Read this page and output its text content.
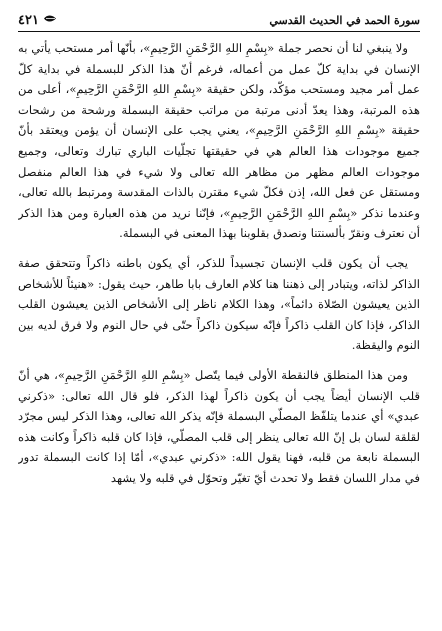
سورة الحمد في الحديث القدسي
٤٢١

ولا ينبغي لنا أن نحصر جملة «بِسْمِ اللهِ الرَّحْمَنِ الرَّحِيمِ»، بأنّها أمر مستحب يأتي به الإنسان في بداية كلّ عمل من أعماله، فرغم أنّ هذا الذكر للبسملة في بداية كلّ عمل أمر مجيد ومستحب مؤكّد، ولكن حقيقة «بِسْمِ اللهِ الرَّحْمَنِ الرَّحِيمِ»، أعلى من هذه المرتبة، وهذا يعدّ أدنى مرتبة من مراتب حقيقة البسملة ورشحة من رشحات حقيقة «بِسْمِ اللهِ الرَّحْمَنِ الرَّحِيمِ»، يعني يجب على الإنسان أن يؤمن ويعتقد بأنّ جميع موجودات هذا العالم هي في حقيقتها تجلّيات الباري تبارك وتعالى، وجميع موجودات العالم مظهر من مظاهر الله تعالى ولا شيء في هذا العالم منفصل ومستقل عن فعل الله، إذن فكلّ شيء مقترن بالذات المقدسة ومرتبط بالله تعالى، وعندما نذكر «بِسْمِ اللهِ الرَّحْمَنِ الرَّحِيمِ»، فإنّنا نريد من هذه العبارة ومن هذا الذكر أن نعترف ونقرّ بألسنتنا ونصدق بقلوبنا بهذا المعنى في البسملة.

يجب أن يكون قلب الإنسان تجسيداً للذكر، أي يكون باطنه ذاكراً وتتحقق صفة الذاكر لذاته، ويتبادر إلى ذهننا هنا كلام العارف بابا طاهر، حيث يقول: «هنيئاً للأشخاص الذين يعيشون الصّلاة دائماً»، وهذا الكلام ناظر إلى الأشخاص الذين يعيشون القلب الذاكر، فإذا كان القلب ذاكراً فإنّه سيكون ذاكراً حتّى في حال النوم ولا فرق لديه بين النوم واليقظة.

ومن هذا المنطلق فالنقطة الأولى فيما يتّصل «بِسْمِ اللهِ الرَّحْمَنِ الرَّحِيمِ»، هي أنّ قلب الإنسان أيضاً يجب أن يكون ذاكراً لهذا الذكر، فلو قال الله تعالى: «ذكرني عبدي» أي عندما يتلفّظ المصلّي البسملة فإنّه يذكر الله تعالى، وهذا الذكر ليس مجرّد لقلقة لسان بل إنّ الله تعالى ينظر إلى قلب المصلّي، فإذا كان قلبه ذاكراً وكانت هذه البسملة نابعة من قلبه، فهنا يقول الله: «ذكرني عبدي»، أمّا إذا كانت البسملة تدور في مدار اللسان فقط ولا تحدث أيّ تغيّر وتحوّل في قلبه ولا يشهد
